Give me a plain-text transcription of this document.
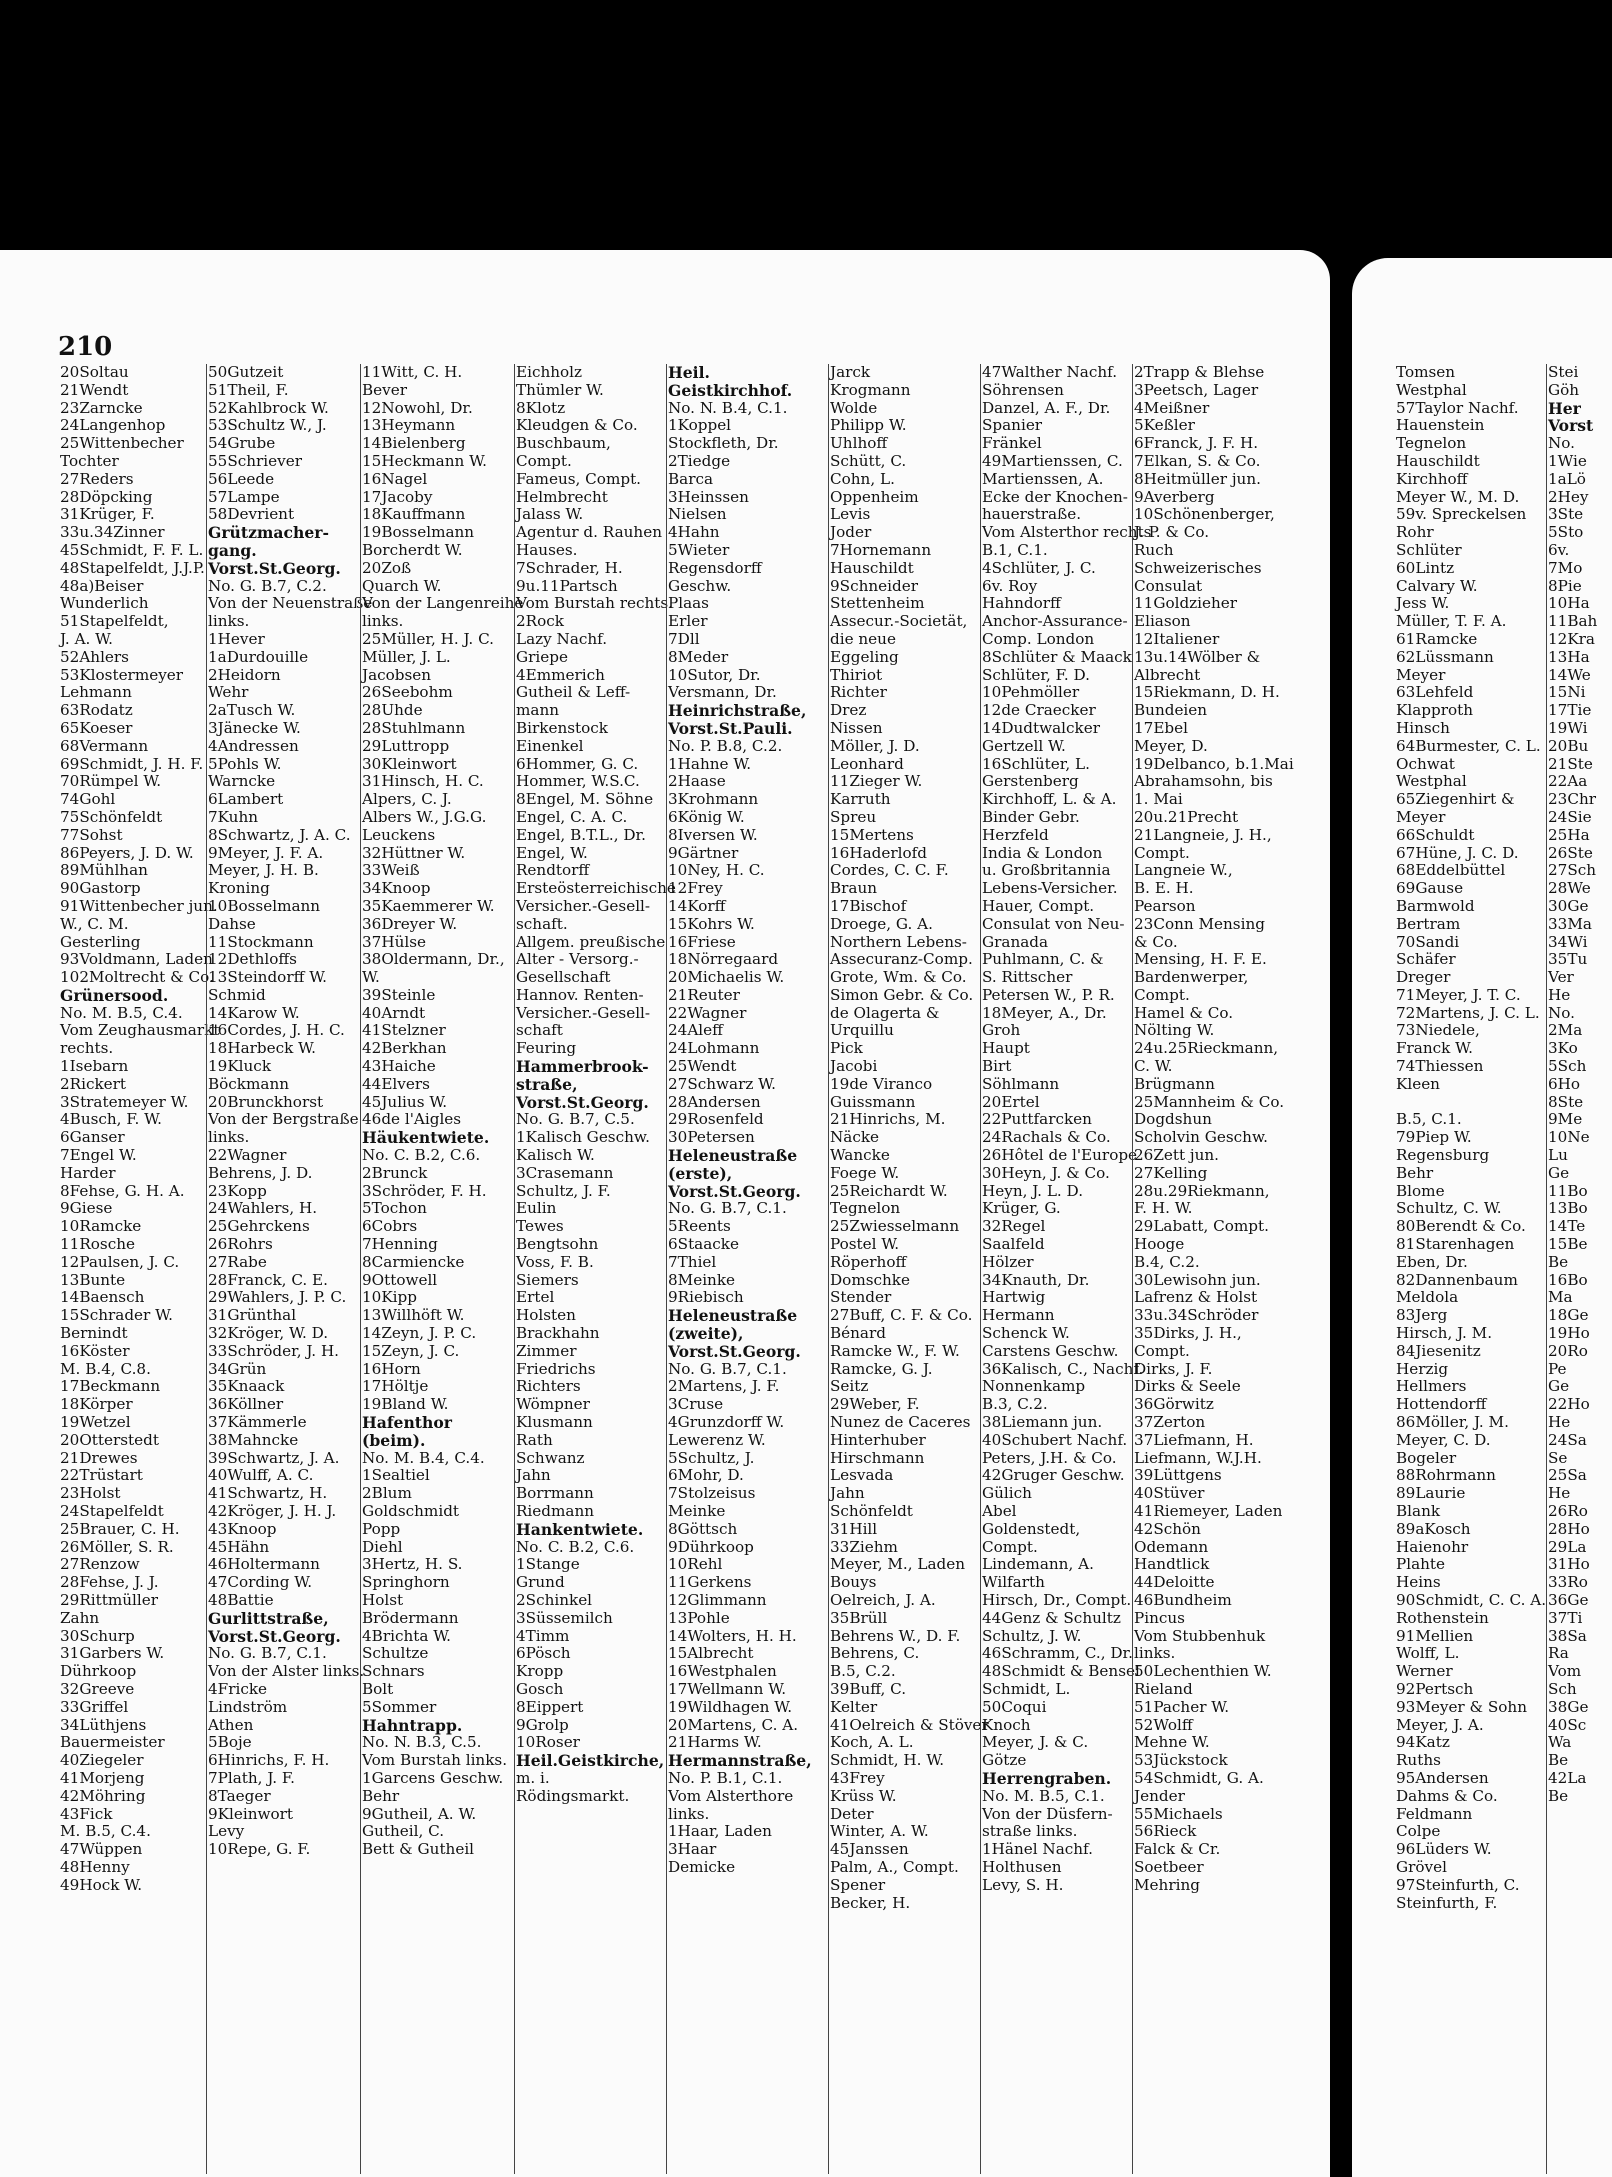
210
20Soltau
21Wendt
23Zarncke
24Langenhop
25Wittenbecher
Tochter
27Reders
28Döpcking
31Krüger, F.
33u.34Zinner
45Schmidt, F. F. L.
48Stapelfeldt, J.J.P.
48a)Beiser
Wunderlich
51Stapelfeldt,
J. A. W.
52Ahlers
53Klostermeyer
Lehmann
63Rodatz
65Koeser
68Vermann
69Schmidt, J. H. F.
70Rümpel W.
74Gohl
75Schönfeldt
77Sohst
86Peyers, J. D. W.
89Mühlhan
90Gastorp
91Wittenbecher jun.
W., C. M.
Gesterling
93Voldmann, Laden
102Moltrecht & Co.
Grünersood.
No. M. B.5, C.4.
Vom Zeughausmarkt
rechts.
1Isebarn
2Rickert
3Stratemeyer W.
4Busch, F. W.
6Ganser
7Engel W.
Harder
8Fehse, G. H. A.
9Giese
10Ramcke
11Rosche
12Paulsen, J. C.
13Bunte
14Baensch
15Schrader W.
Bernindt
16Köster
M. B.4, C.8.
17Beckmann
18Körper
19Wetzel
20Otterstedt
21Drewes
22Trüstart
23Holst
24Stapelfeldt
25Brauer, C. H.
26Möller, S. R.
27Renzow
28Fehse, J. J.
29Rittmüller
Zahn
30Schurp
31Garbers W.
Dührkoop
32Greeve
33Griffel
34Lüthjens
Bauermeister
40Ziegeler
41Morjeng
42Möhring
43Fick
M. B.5, C.4.
47Wüppen
48Henny
49Hock W.
50Gutzeit
51Theil, F.
52Kahlbrock W.
53Schultz W., J.
54Grube
55Schriever
56Leede
57Lampe
58Devrient
Grützmacher-
gang.
Vorst.St.Georg.
No. G. B.7, C.2.
Von der Neuenstraße
links.
1Hever
1aDurdouille
2Heidorn
Wehr
2aTusch W.
3Jänecke W.
4Andressen
5Pohls W.
Warncke
6Lambert
7Kuhn
8Schwartz, J. A. C.
9Meyer, J. F. A.
Meyer, J. H. B.
Kroning
10Bosselmann
Dahse
11Stockmann
12Dethloffs
13Steindorff W.
Schmid
14Karow W.
16Cordes, J. H. C.
18Harbeck W.
19Kluck
Böckmann
20Brunckhorst
Von der Bergstraße
links.
22Wagner
Behrens, J. D.
23Kopp
24Wahlers, H.
25Gehrckens
26Rohrs
27Rabe
28Franck, C. E.
29Wahlers, J. P. C.
31Grünthal
32Kröger, W. D.
33Schröder, J. H.
34Grün
35Knaack
36Köllner
37Kämmerle
38Mahncke
39Schwartz, J. A.
40Wulff, A. C.
41Schwartz, H.
42Kröger, J. H. J.
43Knoop
45Hähn
46Holtermann
47Cording W.
48Battie
Gurlittstraße,
Vorst.St.Georg.
No. G. B.7, C.1.
Von der Alster links.
4Fricke
Lindström
Athen
5Boje
6Hinrichs, F. H.
7Plath, J. F.
8Taeger
9Kleinwort
Levy
10Repe, G. F.
11Witt, C. H.
Bever
12Nowohl, Dr.
13Heymann
14Bielenberg
15Heckmann W.
16Nagel
17Jacoby
18Kauffmann
19Bosselmann
Borcherdt W.
20Zoß
Quarch W.
Von der Langenreihe
links.
25Müller, H. J. C.
Müller, J. L.
Jacobsen
26Seebohm
28Uhde
28Stuhlmann
29Luttropp
30Kleinwort
31Hinsch, H. C.
Alpers, C. J.
Albers W., J.G.G.
Leuckens
32Hüttner W.
33Weiß
34Knoop
35Kaemmerer W.
36Dreyer W.
37Hülse
38Oldermann, Dr.,
W.
39Steinle
40Arndt
41Stelzner
42Berkhan
43Haiche
44Elvers
45Julius W.
46de l'Aigles
Häukentwiete.
No. C. B.2, C.6.
2Brunck
3Schröder, F. H.
5Tochon
6Cobrs
7Henning
8Carmiencke
9Ottowell
10Kipp
13Willhöft W.
14Zeyn, J. P. C.
15Zeyn, J. C.
16Horn
17Höltje
19Bland W.
Hafenthor
(beim).
No. M. B.4, C.4.
1Sealtiel
2Blum
Goldschmidt
Popp
Diehl
3Hertz, H. S.
Springhorn
Holst
Brödermann
4Brichta W.
Schultze
Schnars
Bolt
5Sommer
Hahntrapp.
No. N. B.3, C.5.
Vom Burstah links.
1Garcens Geschw.
Behr
9Gutheil, A. W.
Gutheil, C.
Bett & Gutheil
Eichholz
Thümler W.
8Klotz
Kleudgen & Co.
Buschbaum,
Compt.
Fameus, Compt.
Helmbrecht
Jalass W.
Agentur d. Rauhen
Hauses.
7Schrader, H.
9u.11Partsch
Vom Burstah rechts.
2Rock
Lazy Nachf.
Griepe
4Emmerich
Gutheil & Leff-
mann
Birkenstock
Einenkel
6Hommer, G. C.
Hommer, W.S.C.
8Engel, M. Söhne
Engel, C. A. C.
Engel, B.T.L., Dr.
Engel, W.
Rendtorff
Ersteösterreichische
Versicher.-Gesell-
schaft.
Allgem. preußische
Alter - Versorg.-
Gesellschaft
Hannov. Renten-
Versicher.-Gesell-
schaft
Feuring
Hammerbrook-
straße,
Vorst.St.Georg.
No. G. B.7, C.5.
1Kalisch Geschw.
Kalisch W.
3Crasemann
Schultz, J. F.
Eulin
Tewes
Bengtsohn
Voss, F. B.
Siemers
Ertel
Holsten
Brackhahn
Zimmer
Friedrichs
Richters
Wömpner
Klusmann
Rath
Schwanz
Jahn
Borrmann
Riedmann
Hankentwiete.
No. C. B.2, C.6.
1Stange
Grund
2Schinkel
3Süssemilch
4Timm
6Pösch
Kropp
Gosch
8Eippert
9Grolp
10Roser
Heil.Geistkirche,
m. i.
Rödingsmarkt.
Heil.
Geistkirchhof.
No. N. B.4, C.1.
1Koppel
Stockfleth, Dr.
2Tiedge
Barca
3Heinssen
Nielsen
4Hahn
5Wieter
Regensdorff
Geschw.
Plaas
Erler
7Dll
8Meder
10Sutor, Dr.
Versmann, Dr.
Heinrichstraße,
Vorst.St.Pauli.
No. P. B.8, C.2.
1Hahne W.
2Haase
3Krohmann
6König W.
8Iversen W.
9Gärtner
10Ney, H. C.
12Frey
14Korff
15Kohrs W.
16Friese
18Nörregaard
20Michaelis W.
21Reuter
22Wagner
24Aleff
24Lohmann
25Wendt
27Schwarz W.
28Andersen
29Rosenfeld
30Petersen
Heleneustraße
(erste),
Vorst.St.Georg.
No. G. B.7, C.1.
5Reents
6Staacke
7Thiel
8Meinke
9Riebisch
Heleneustraße
(zweite),
Vorst.St.Georg.
No. G. B.7, C.1.
2Martens, J. F.
3Cruse
4Grunzdorff W.
Lewerenz W.
5Schultz, J.
6Mohr, D.
7Stolzeisus
Meinke
8Göttsch
9Dührkoop
10Rehl
11Gerkens
12Glimmann
13Pohle
14Wolters, H. H.
15Albrecht
16Westphalen
17Wellmann W.
19Wildhagen W.
20Martens, C. A.
21Harms W.
Hermannstraße,
No. P. B.1, C.1.
Vom Alsterthore
links.
1Haar, Laden
3Haar
Demicke
Jarck
Krogmann
Wolde
Philipp W.
Uhlhoff
Schütt, C.
Cohn, L.
Oppenheim
Levis
Joder
7Hornemann
Hauschildt
9Schneider
Stettenheim
Assecur.-Societät,
die neue
Eggeling
Thiriot
Richter
Drez
Nissen
Möller, J. D.
Leonhard
11Zieger W.
Karruth
Spreu
15Mertens
16Haderlofd
Cordes, C. C. F.
Braun
17Bischof
Droege, G. A.
Northern Lebens-
Assecuranz-Comp.
Grote, Wm. & Co.
Simon Gebr. & Co.
de Olagerta &
Urquillu
Pick
Jacobi
19de Viranco
Guissmann
21Hinrichs, M.
Näcke
Wancke
Foege W.
25Reichardt W.
Tegnelon
25Zwiesselmann
Postel W.
Röperhoff
Domschke
Stender
27Buff, C. F. & Co.
Bénard
Ramcke W., F. W.
Ramcke, G. J.
Seitz
29Weber, F.
Nunez de Caceres
Hinterhuber
Hirschmann
Lesvada
Jahn
Schönfeldt
31Hill
33Ziehm
Meyer, M., Laden
Bouys
Oelreich, J. A.
35Brüll
Behrens W., D. F.
Behrens, C.
B.5, C.2.
39Buff, C.
Kelter
41Oelreich & Stöver
Koch, A. L.
Schmidt, H. W.
43Frey
Krüss W.
Deter
Winter, A. W.
45Janssen
Palm, A., Compt.
Spener
Becker, H.
47Walther Nachf.
Söhrensen
Danzel, A. F., Dr.
Spanier
Fränkel
49Martienssen, C.
Martienssen, A.
Ecke der Knochen-
hauerstraße.
Vom Alsterthor rechts
B.1, C.1.
4Schlüter, J. C.
6v. Roy
Hahndorff
Anchor-Assurance-
Comp. London
8Schlüter & Maack
Schlüter, F. D.
10Pehmöller
12de Craecker
14Dudtwalcker
Gertzell W.
16Schlüter, L.
Gerstenberg
Kirchhoff, L. & A.
Binder Gebr.
Herzfeld
India & London
u. Großbritannia
Lebens-Versicher.
Hauer, Compt.
Consulat von Neu-
Granada
Puhlmann, C. &
S. Rittscher
Petersen W., P. R.
18Meyer, A., Dr.
Groh
Haupt
Birt
Söhlmann
20Ertel
22Puttfarcken
24Rachals & Co.
26Hôtel de l'Europe
30Heyn, J. & Co.
Heyn, J. L. D.
Krüger, G.
32Regel
Saalfeld
Hölzer
34Knauth, Dr.
Hartwig
Hermann
Schenck W.
Carstens Geschw.
36Kalisch, C., Nachf.
Nonnenkamp
B.3, C.2.
38Liemann jun.
40Schubert Nachf.
Peters, J.H. & Co.
42Gruger Geschw.
Gülich
Abel
Goldenstedt,
Compt.
Lindemann, A.
Wilfarth
Hirsch, Dr., Compt.
44Genz & Schultz
Schultz, J. W.
46Schramm, C., Dr.
48Schmidt & Bensel
Schmidt, L.
50Coqui
Knoch
Meyer, J. & C.
Götze
Herrengraben.
No. M. B.5, C.1.
Von der Düsfern-
straße links.
1Hänel Nachf.
Holthusen
Levy, S. H.
2Trapp & Blehse
3Peetsch, Lager
4Meißner
5Keßler
6Franck, J. F. H.
7Elkan, S. & Co.
8Heitmüller jun.
9Averberg
10Schönenberger,
J. P. & Co.
Ruch
Schweizerisches
Consulat
11Goldzieher
Eliason
12Italiener
13u.14Wölber &
Albrecht
15Riekmann, D. H.
Bundeien
17Ebel
Meyer, D.
19Delbanco, b.1.Mai
Abrahamsohn, bis
1. Mai
20u.21Precht
21Langneie, J. H.,
Compt.
Langneie W.,
B. E. H.
Pearson
23Conn Mensing
& Co.
Mensing, H. F. E.
Bardenwerper,
Compt.
Hamel & Co.
Nölting W.
24u.25Rieckmann,
C. W.
Brügmann
25Mannheim & Co.
Dogdshun
Scholvin Geschw.
26Zett jun.
27Kelling
28u.29Riekmann,
F. H. W.
29Labatt, Compt.
Hooge
B.4, C.2.
30Lewisohn jun.
Lafrenz & Holst
33u.34Schröder
35Dirks, J. H.,
Compt.
Dirks, J. F.
Dirks & Seele
36Görwitz
37Zerton
37Liefmann, H.
Liefmann, W.J.H.
39Lüttgens
40Stüver
41Riemeyer, Laden
42Schön
Odemann
Handtlick
44Deloitte
46Bundheim
Pincus
Vom Stubbenhuk
links.
50Lechenthien W.
Rieland
51Pacher W.
52Wolff
Mehne W.
53Jückstock
54Schmidt, G. A.
Jender
55Michaels
56Rieck
Falck & Cr.
Soetbeer
Mehring
Tomsen
Westphal
57Taylor Nachf.
Hauenstein
Tegnelon
Hauschildt
Kirchhoff
Meyer W., M. D.
59v. Spreckelsen
Rohr
Schlüter
60Lintz
Calvary W.
Jess W.
Müller, T. F. A.
61Ramcke
62Lüssmann
Meyer
63Lehfeld
Klapproth
Hinsch
64Burmester, C. L.
Ochwat
Westphal
65Ziegenhirt &
Meyer
66Schuldt
67Hüne, J. C. D.
68Eddelbüttel
69Gause
Barmwold
Bertram
70Sandi
Schäfer
Dreger
71Meyer, J. T. C.
72Martens, J. C. L.
73Niedele,
Franck W.
74Thiessen
Kleen
B.5, C.1.
79Piep W.
Regensburg
Behr
Blome
Schultz, C. W.
80Berendt & Co.
81Starenhagen
Eben, Dr.
82Dannenbaum
Meldola
83Jerg
Hirsch, J. M.
84Jiesenitz
Herzig
Hellmers
Hottendorff
86Möller, J. M.
Meyer, C. D.
Bogeler
88Rohrmann
89Laurie
Blank
89aKosch
Haienohr
Plahte
Heins
90Schmidt, C. C. A.
Rothenstein
91Mellien
Wolff, L.
Werner
92Pertsch
93Meyer & Sohn
Meyer, J. A.
94Katz
Ruths
95Andersen
Dahms & Co.
Feldmann
Colpe
96Lüders W.
Grövel
97Steinfurth, C.
Steinfurth, F.
Stei
Göh
Her
Vorst
No.
1Wie
1aLö
2Hey
3Ste
5Sto
6v.
7Mo
8Pie
10Ha
11Bah
12Kra
13Ha
14We
15Ni
17Tie
19Wi
20Bu
21Ste
22Aa
23Chr
24Sie
25Ha
26Ste
27Sch
28We
30Ge
33Ma
34Wi
35Tu
Ver
He
No.
2Ma
3Ko
5Sch
6Ho
8Ste
9Me
10Ne
Lu
Ge
11Bo
13Bo
14Te
15Be
Be
16Bo
Ma
18Ge
19Ho
20Ro
Pe
Ge
22Ho
He
24Sa
Se
25Sa
He
26Ro
28Ho
29La
31Ho
33Ro
36Ge
37Ti
38Sa
Ra
Vom
Sch
38Ge
40Sc
Wa
Be
42La
Be
